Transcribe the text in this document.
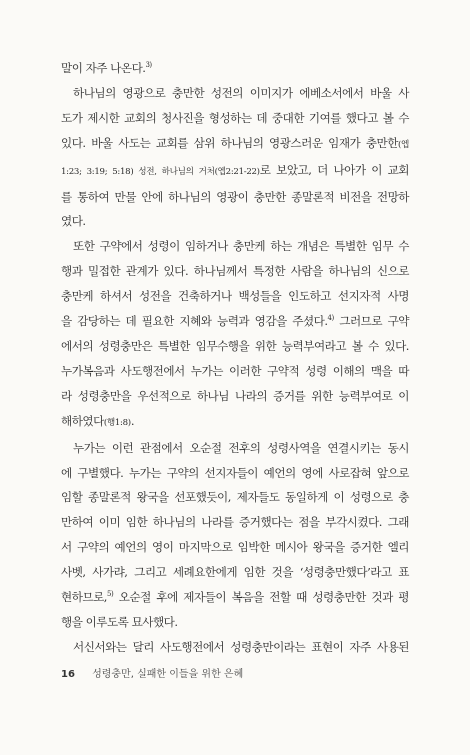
말이 자주 나온다.$^{3)}$
하나님의 영광으로 충만한 성전의 이미지가 에베소서에서 바울 사
도가 제시한 교회의 청사진을 형성하는 데 중대한 기여를 했다고 볼 수
있다. 바울 사도는 교회를 삼위 하나님의 영광스러운 임재가 충만한(엡
1:23; 3:19; 5:18) 성전, 하나님의 거처(엡2:21-22)로 보았고, 더 나아가 이 교회
를 통하여 만물 안에 하나님의 영광이 충만한 종말론적 비전을 전망하
였다.
또한 구약에서 성령이 임하거나 충만케 하는 개념은 특별한 임무 수
행과 밀접한 관계가 있다. 하나님께서 특정한 사람을 하나님의 신으로
충만케 하셔서 성전을 건축하거나 백성들을 인도하고 선지자적 사명
을 감당하는 데 필요한 지혜와 능력과 영감을 주셨다.$^{4)}$ 그러므로 구약
에서의 성령충만은 특별한 임무수행을 위한 능력부여라고 볼 수 있다.
누가복음과 사도행전에서 누가는 이러한 구약적 성령 이해의 맥을 따
라 성령충만을 우선적으로 하나님 나라의 증거를 위한 능력부여로 이
해하였다(행1:8).
누가는 이런 관점에서 오순절 전후의 성령사역을 연결시키는 동시
에 구별했다. 누가는 구약의 선지자들이 예언의 영에 사로잡혀 앞으로
임할 종말론적 왕국을 선포했듯이, 제자들도 동일하게 이 성령으로 충
만하여 이미 임한 하나님의 나라를 증거했다는 점을 부각시켰다. 그래
서 구약의 예언의 영이 마지막으로 임박한 메시아 왕국을 증거한 엘리
사벳, 사가랴, 그리고 세례요한에게 임한 것을 ‘성령충만했다’라고 표
현하므로,$^{5)}$ 오순절 후에 제자들이 복음을 전할 때 성령충만한 것과 평
행을 이루도록 묘사했다.
서신서와는 달리 사도행전에서 성령충만이라는 표현이 자주 사용된
16 성령충만, 실패한 이들을 위한 은혜
